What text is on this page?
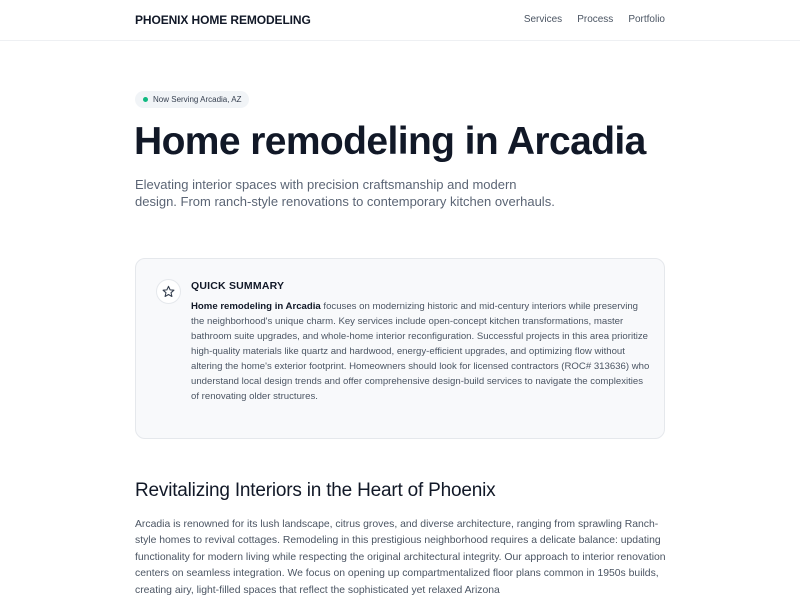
PHOENIX HOME REMODELING	Services Process Portfolio
Now Serving Arcadia, AZ
Home remodeling in Arcadia

Elevating interior spaces with precision craftsmanship and modern design. From ranch-style renovations to contemporary kitchen overhauls.

QUICK SUMMARY

Home remodeling in Arcadia focuses on modernizing historic and mid-century interiors while preserving the neighborhood's unique charm. Key services include open-concept kitchen transformations, master bathroom suite upgrades, and whole-home interior reconfiguration. Successful projects in this area prioritize high-quality materials like quartz and hardwood, energy-efficient upgrades, and optimizing flow without altering the home's exterior footprint. Homeowners should look for licensed contractors (ROC# 313636) who understand local design trends and offer comprehensive design-build services to navigate the complexities of renovating older structures.

Revitalizing Interiors in the Heart of Phoenix

Arcadia is renowned for its lush landscape, citrus groves, and diverse architecture, ranging from sprawling Ranch-style homes to revival cottages. Remodeling in this prestigious neighborhood requires a delicate balance: updating functionality for modern living while respecting the original architectural integrity. Our approach to interior renovation centers on seamless integration. We focus on opening up compartmentalized floor plans common in 1950s builds, creating airy, light-filled spaces that reflect the sophisticated yet relaxed Arizona
